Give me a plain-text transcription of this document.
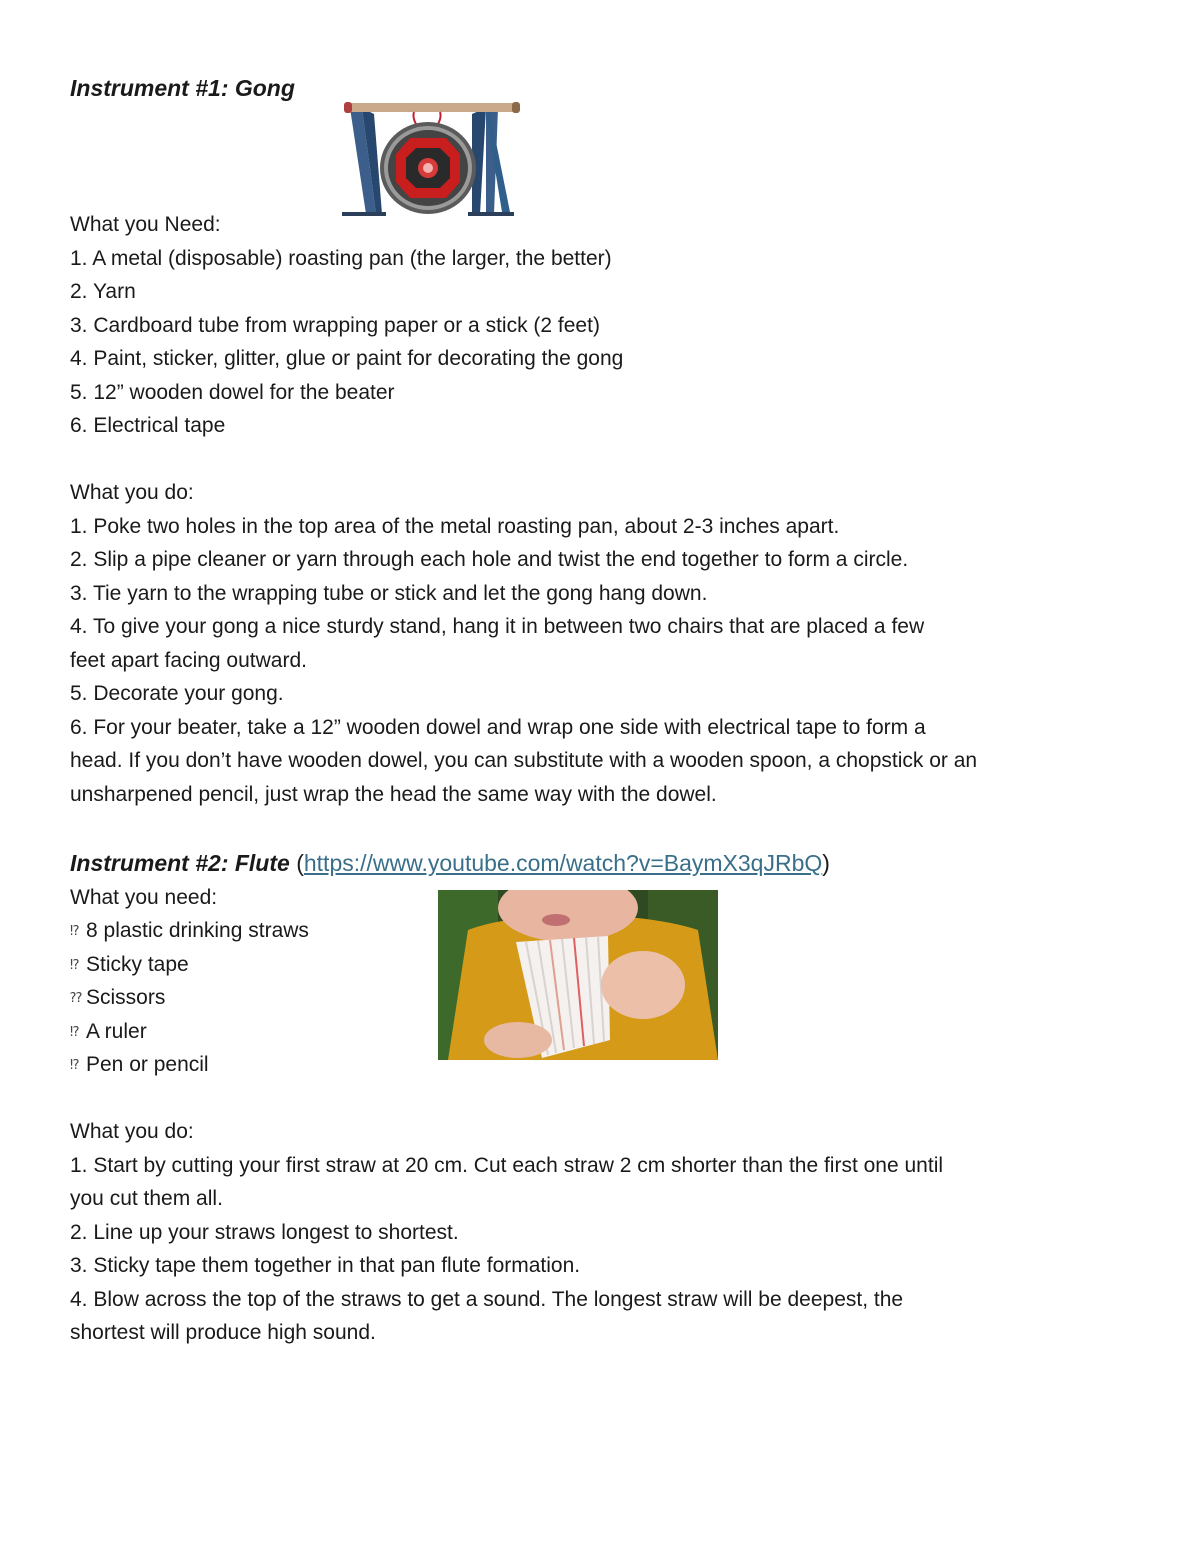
Instrument #1: Gong

What you Need:

1. A metal (disposable) roasting pan (the larger, the better)

2. Yarn

3. Cardboard tube from wrapping paper or a stick (2 feet)

4. Paint, sticker, glitter, glue or paint for decorating the gong

5. 12” wooden dowel for the beater

6. Electrical tape

What you do:

1. Poke two holes in the top area of the metal roasting pan, about 2-3 inches apart.

2. Slip a pipe cleaner or yarn through each hole and twist the end together to form a circle.

3. Tie yarn to the wrapping tube or stick and let the gong hang down.

4. To give your gong a nice sturdy stand, hang it in between two chairs that are placed a few feet apart facing outward.

5. Decorate your gong.

6. For your beater, take a 12” wooden dowel and wrap one side with electrical tape to form a head. If you don’t have wooden dowel, you can substitute with a wooden spoon, a chopstick or an unsharpened pencil, just wrap the head the same way with the dowel.

Instrument #2: Flute (https://www.youtube.com/watch?v=BaymX3qJRbQ)

What you need:

⁉ 8 plastic drinking straws

⁉ Sticky tape

⁇ Scissors

⁉ A ruler

⁉ Pen or pencil

What you do:

1. Start by cutting your first straw at 20 cm. Cut each straw 2 cm shorter than the first one until you cut them all.

2. Line up your straws longest to shortest.

3. Sticky tape them together in that pan flute formation.

4. Blow across the top of the straws to get a sound. The longest straw will be deepest, the shortest will produce high sound.
